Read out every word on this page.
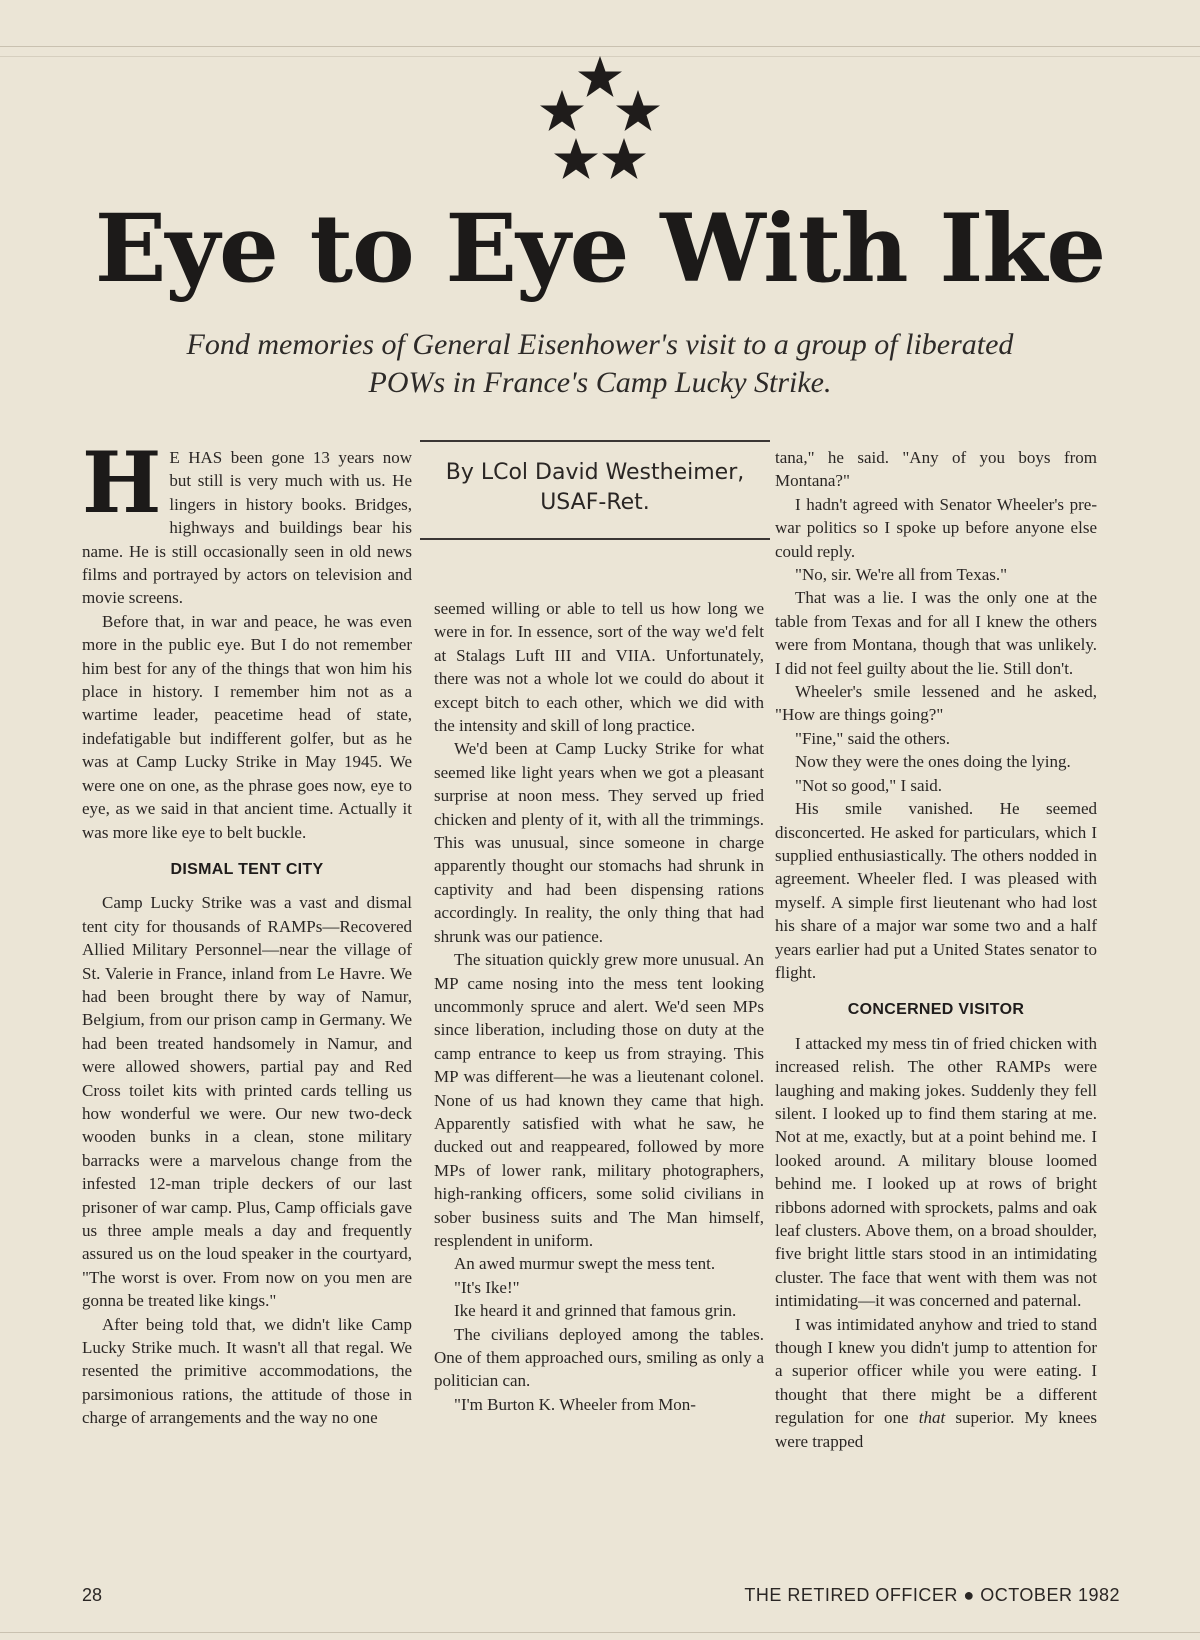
Eye to Eye With Ike

Fond memories of General Eisenhower's visit to a group of liberated POWs in France's Camp Lucky Strike.

By LCol David Westheimer, USAF-Ret.

H E HAS been gone 13 years now but still is very much with us. He lingers in history books. Bridges, highways and buildings bear his name. He is still occasionally seen in old news films and portrayed by actors on television and movie screens.

Before that, in war and peace, he was even more in the public eye. But I do not remember him best for any of the things that won him his place in history. I remember him not as a wartime leader, peacetime head of state, indefatigable but indifferent golfer, but as he was at Camp Lucky Strike in May 1945. We were one on one, as the phrase goes now, eye to eye, as we said in that ancient time. Actually it was more like eye to belt buckle.

DISMAL TENT CITY

Camp Lucky Strike was a vast and dismal tent city for thousands of RAMPs—Recovered Allied Military Personnel—near the village of St. Valerie in France, inland from Le Havre. We had been brought there by way of Namur, Belgium, from our prison camp in Germany. We had been treated handsomely in Namur, and were allowed showers, partial pay and Red Cross toilet kits with printed cards telling us how wonderful we were. Our new two-deck wooden bunks in a clean, stone military barracks were a marvelous change from the infested 12-man triple deckers of our last prisoner of war camp. Plus, Camp officials gave us three ample meals a day and frequently assured us on the loud speaker in the courtyard, "The worst is over. From now on you men are gonna be treated like kings."

After being told that, we didn't like Camp Lucky Strike much. It wasn't all that regal. We resented the primitive accommodations, the parsimonious rations, the attitude of those in charge of arrangements and the way no one

seemed willing or able to tell us how long we were in for. In essence, sort of the way we'd felt at Stalags Luft III and VIIA. Unfortunately, there was not a whole lot we could do about it except bitch to each other, which we did with the intensity and skill of long practice.

We'd been at Camp Lucky Strike for what seemed like light years when we got a pleasant surprise at noon mess. They served up fried chicken and plenty of it, with all the trimmings. This was unusual, since someone in charge apparently thought our stomachs had shrunk in captivity and had been dispensing rations accordingly. In reality, the only thing that had shrunk was our patience.

The situation quickly grew more unusual. An MP came nosing into the mess tent looking uncommonly spruce and alert. We'd seen MPs since liberation, including those on duty at the camp entrance to keep us from straying. This MP was different—he was a lieutenant colonel. None of us had known they came that high. Apparently satisfied with what he saw, he ducked out and reappeared, followed by more MPs of lower rank, military photographers, high-ranking officers, some solid civilians in sober business suits and The Man himself, resplendent in uniform.

An awed murmur swept the mess tent.

"It's Ike!"

Ike heard it and grinned that famous grin.

The civilians deployed among the tables. One of them approached ours, smiling as only a politician can.

"I'm Burton K. Wheeler from Mon-

tana," he said. "Any of you boys from Montana?"

I hadn't agreed with Senator Wheeler's pre-war politics so I spoke up before anyone else could reply.

"No, sir. We're all from Texas."

That was a lie. I was the only one at the table from Texas and for all I knew the others were from Montana, though that was unlikely. I did not feel guilty about the lie. Still don't.

Wheeler's smile lessened and he asked, "How are things going?"

"Fine," said the others.

Now they were the ones doing the lying.

"Not so good," I said.

His smile vanished. He seemed disconcerted. He asked for particulars, which I supplied enthusiastically. The others nodded in agreement. Wheeler fled. I was pleased with myself. A simple first lieutenant who had lost his share of a major war some two and a half years earlier had put a United States senator to flight.

CONCERNED VISITOR

I attacked my mess tin of fried chicken with increased relish. The other RAMPs were laughing and making jokes. Suddenly they fell silent. I looked up to find them staring at me. Not at me, exactly, but at a point behind me. I looked around. A military blouse loomed behind me. I looked up at rows of bright ribbons adorned with sprockets, palms and oak leaf clusters. Above them, on a broad shoulder, five bright little stars stood in an intimidating cluster. The face that went with them was not intimidating—it was concerned and paternal.

I was intimidated anyhow and tried to stand though I knew you didn't jump to attention for a superior officer while you were eating. I thought that there might be a different regulation for one that superior. My knees were trapped

28	THE RETIRED OFFICER ● OCTOBER 1982
